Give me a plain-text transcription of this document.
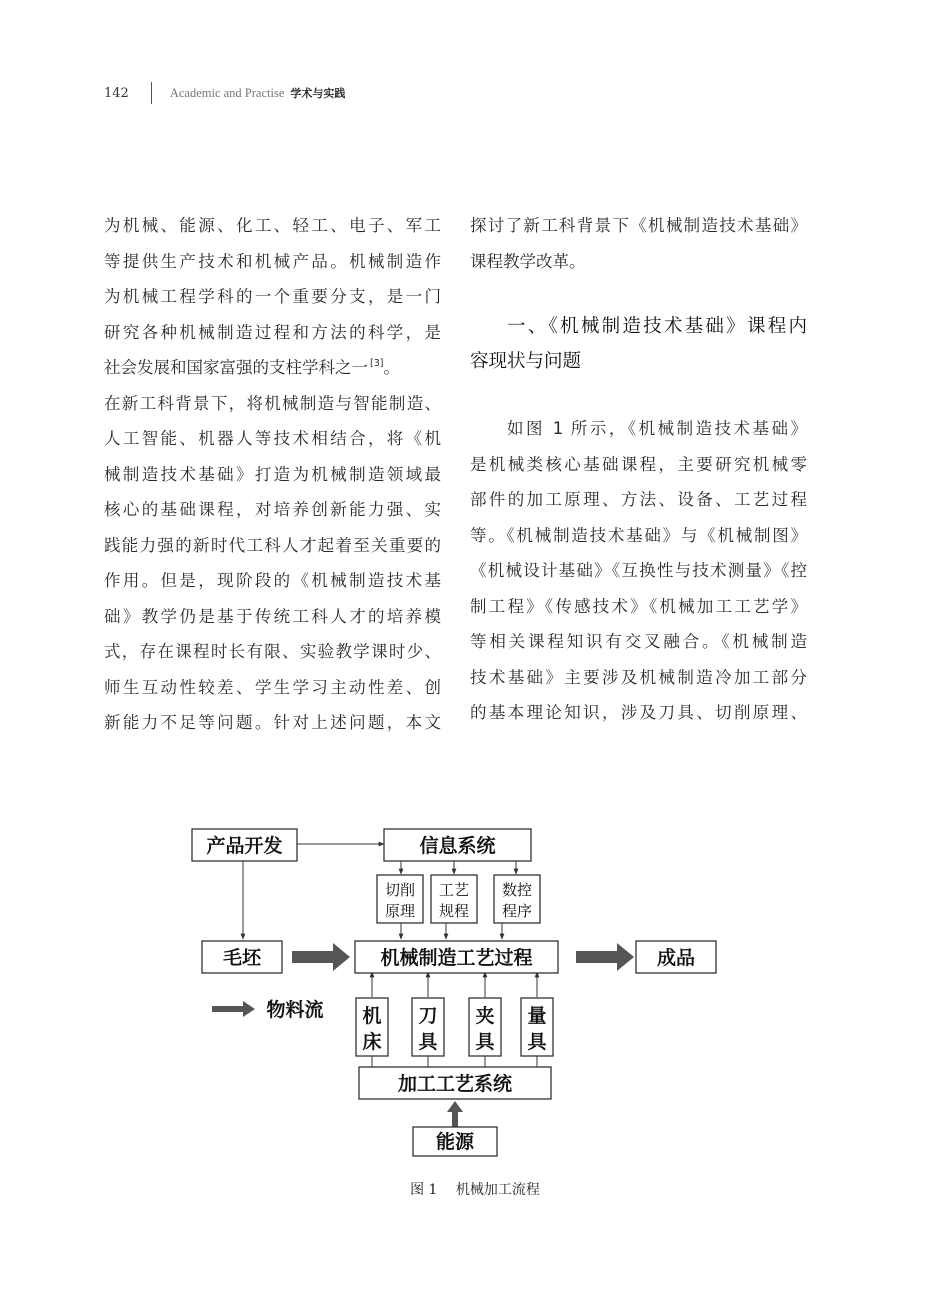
142	Academic and Practise 学术与实践
为机械、能源、化工、轻工、电子、军工
等提供生产技术和机械产品。机械制造作
为机械工程学科的一个重要分支，是一门
研究各种机械制造过程和方法的科学，是
社会发展和国家富强的支柱学科之一 [3]。
在新工科背景下，将机械制造与智能制造、
人工智能、机器人等技术相结合，将《机
械制造技术基础》打造为机械制造领域最
核心的基础课程，对培养创新能力强、实
践能力强的新时代工科人才起着至关重要的
作用。但是，现阶段的《机械制造技术基
础》教学仍是基于传统工科人才的培养模
式，存在课程时长有限、实验教学课时少、
师生互动性较差、学生学习主动性差、创
新能力不足等问题。针对上述问题，本文
探讨了新工科背景下《机械制造技术基础》
课程教学改革。
一、《机械制造技术基础》课程内
容现状与问题
如图 1 所示，《机械制造技术基础》
是机械类核心基础课程，主要研究机械零
部件的加工原理、方法、设备、工艺过程
等。《机械制造技术基础》与《机械制图》
《机械设计基础》《互换性与技术测量》《控
制工程》《传感技术》《机械加工工艺学》
等相关课程知识有交叉融合。《机械制造
技术基础》主要涉及机械制造冷加工部分
的基本理论知识，涉及刀具、切削原理、
产品开发	信息系统
毛坯	机械制造工艺过程	成品
物料流
加工工艺系统
能源
切削
原理
工艺
规程
数控
程序
机
床
刀
具
夹
具
量
具
图 1 机械加工流程
